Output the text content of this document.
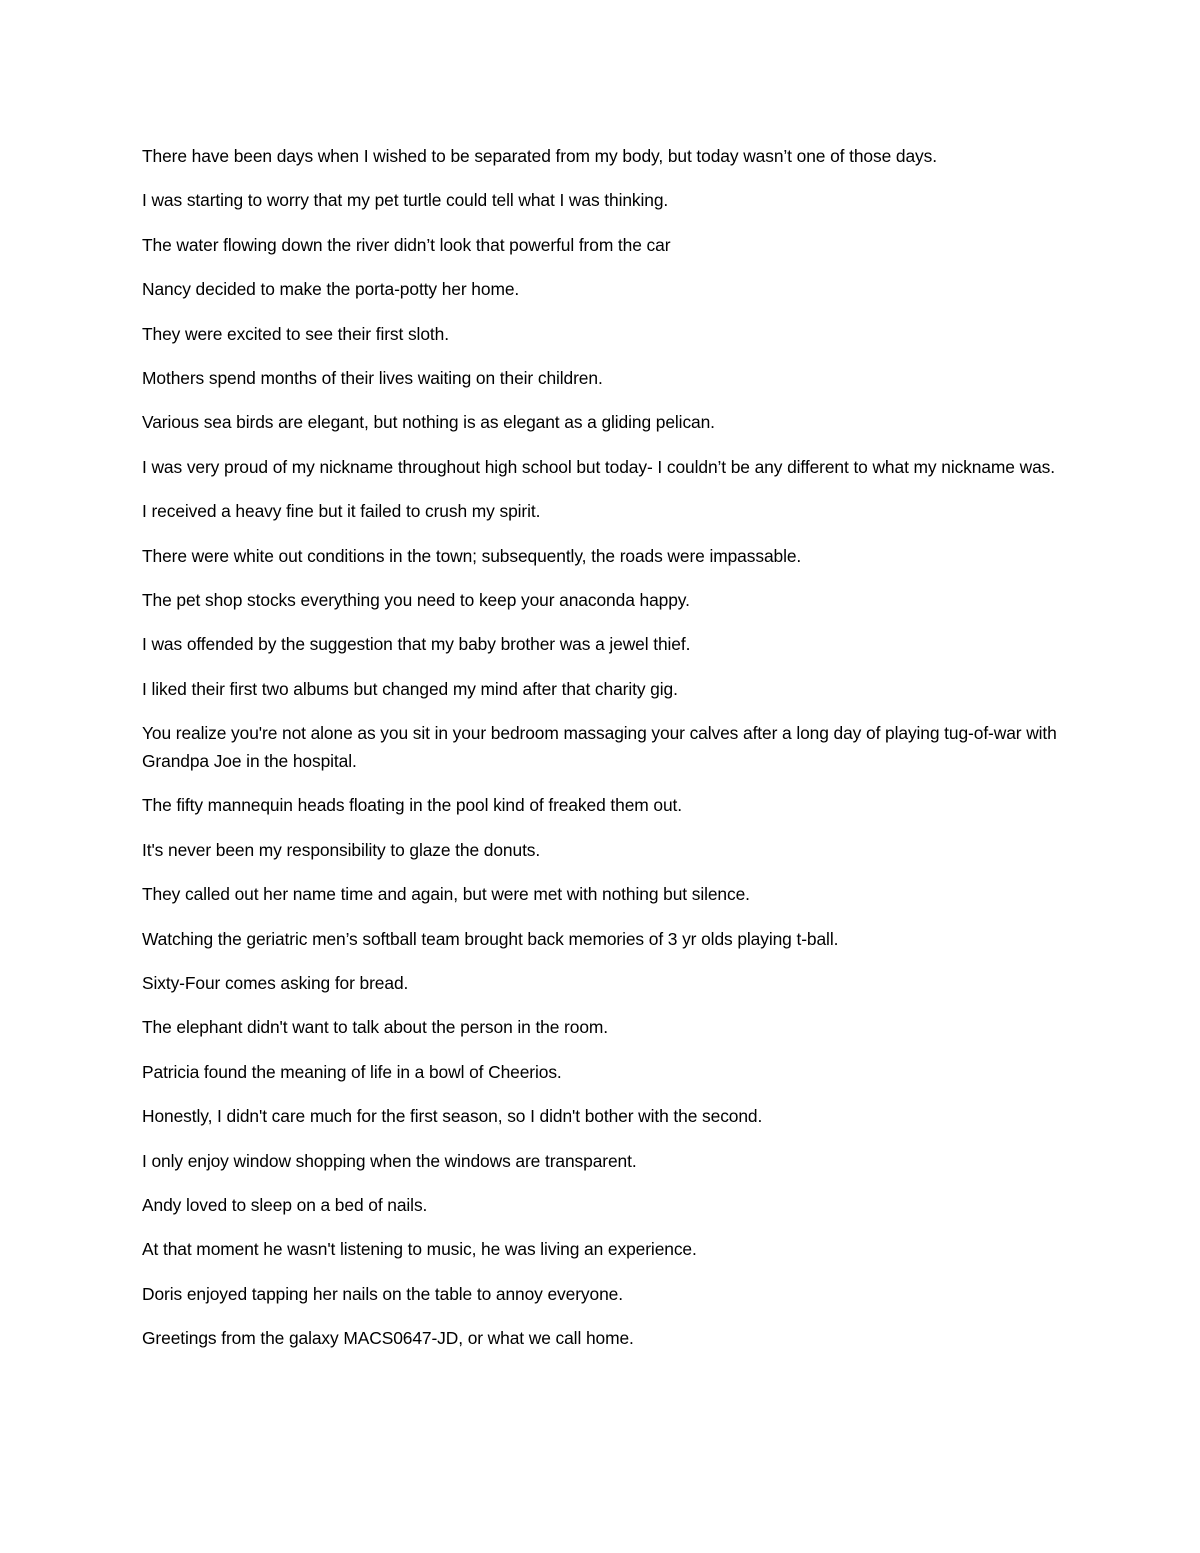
There have been days when I wished to be separated from my body, but today wasn’t one of those days.

I was starting to worry that my pet turtle could tell what I was thinking.

The water flowing down the river didn’t look that powerful from the car

Nancy decided to make the porta-potty her home.

They were excited to see their first sloth.

Mothers spend months of their lives waiting on their children.

Various sea birds are elegant, but nothing is as elegant as a gliding pelican.

I was very proud of my nickname throughout high school but today- I couldn’t be any different to what my nickname was.

I received a heavy fine but it failed to crush my spirit.

There were white out conditions in the town; subsequently, the roads were impassable.

The pet shop stocks everything you need to keep your anaconda happy.

I was offended by the suggestion that my baby brother was a jewel thief.

I liked their first two albums but changed my mind after that charity gig.

You realize you're not alone as you sit in your bedroom massaging your calves after a long day of playing tug-of-war with Grandpa Joe in the hospital.

The fifty mannequin heads floating in the pool kind of freaked them out.

It's never been my responsibility to glaze the donuts.

They called out her name time and again, but were met with nothing but silence.

Watching the geriatric men’s softball team brought back memories of 3 yr olds playing t-ball.

Sixty-Four comes asking for bread.

The elephant didn't want to talk about the person in the room.

Patricia found the meaning of life in a bowl of Cheerios.

Honestly, I didn't care much for the first season, so I didn't bother with the second.

I only enjoy window shopping when the windows are transparent.

Andy loved to sleep on a bed of nails.

At that moment he wasn't listening to music, he was living an experience.

Doris enjoyed tapping her nails on the table to annoy everyone.

Greetings from the galaxy MACS0647-JD, or what we call home.
